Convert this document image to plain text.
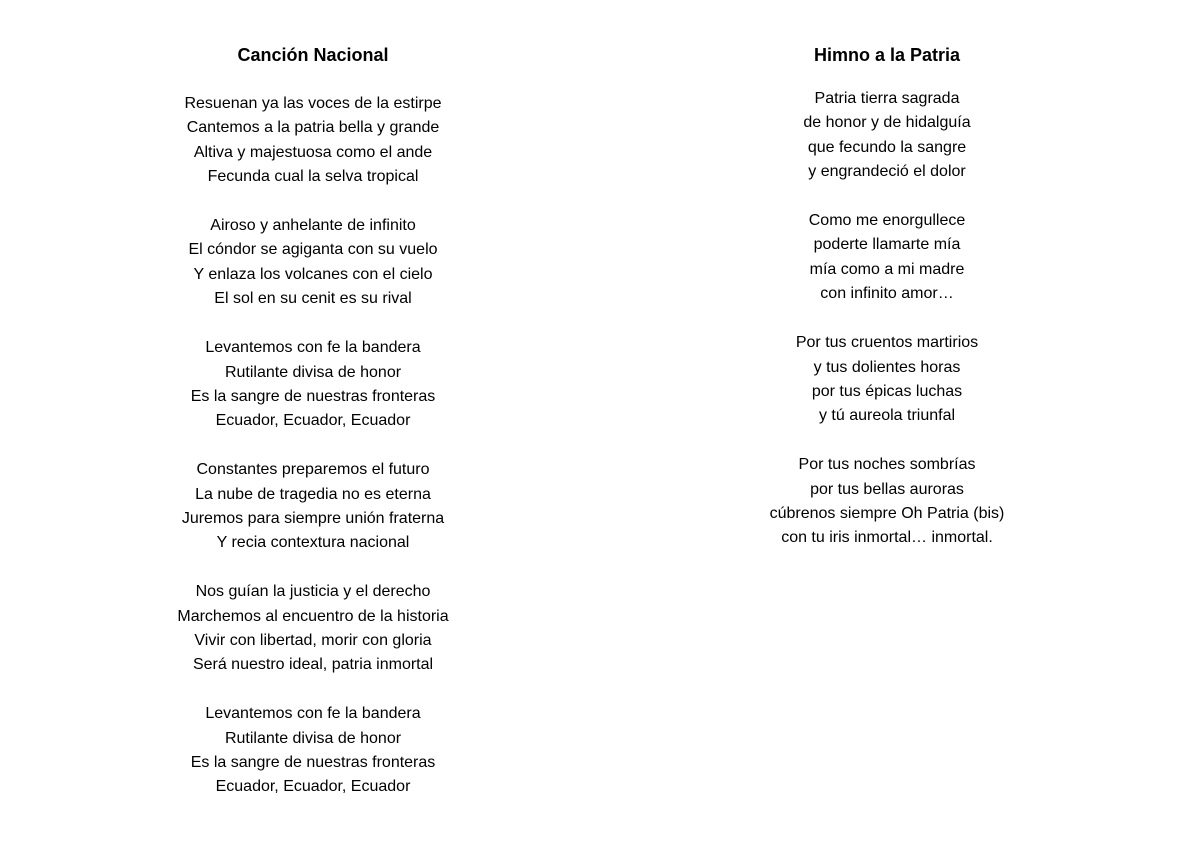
Canción Nacional
Resuenan ya las voces de la estirpe
Cantemos a la patria bella y grande
Altiva y majestuosa como el ande
Fecunda cual la selva tropical
Airoso y anhelante de infinito
El cóndor se agiganta con su vuelo
Y enlaza los volcanes con el cielo
El sol en su cenit es su rival
Levantemos con fe la bandera
Rutilante divisa de honor
Es la sangre de nuestras fronteras
Ecuador, Ecuador, Ecuador
Constantes preparemos el futuro
La nube de tragedia no es eterna
Juremos para siempre unión fraterna
Y recia contextura nacional
Nos guían la justicia y el derecho
Marchemos al encuentro de la historia
Vivir con libertad, morir con gloria
Será nuestro ideal, patria inmortal
Levantemos con fe la bandera
Rutilante divisa de honor
Es la sangre de nuestras fronteras
Ecuador, Ecuador, Ecuador
Himno a la Patria
Patria tierra sagrada
de honor y de hidalguía
que fecundo la sangre
y engrandeció el dolor
Como me enorgullece
poderte llamarte mía
mía como a mi madre
con infinito amor…
Por tus cruentos martirios
y tus dolientes horas
por tus épicas luchas
y tú aureola triunfal
Por tus noches sombrías
por tus bellas auroras
cúbrenos siempre Oh Patria (bis)
con tu iris inmortal… inmortal.
